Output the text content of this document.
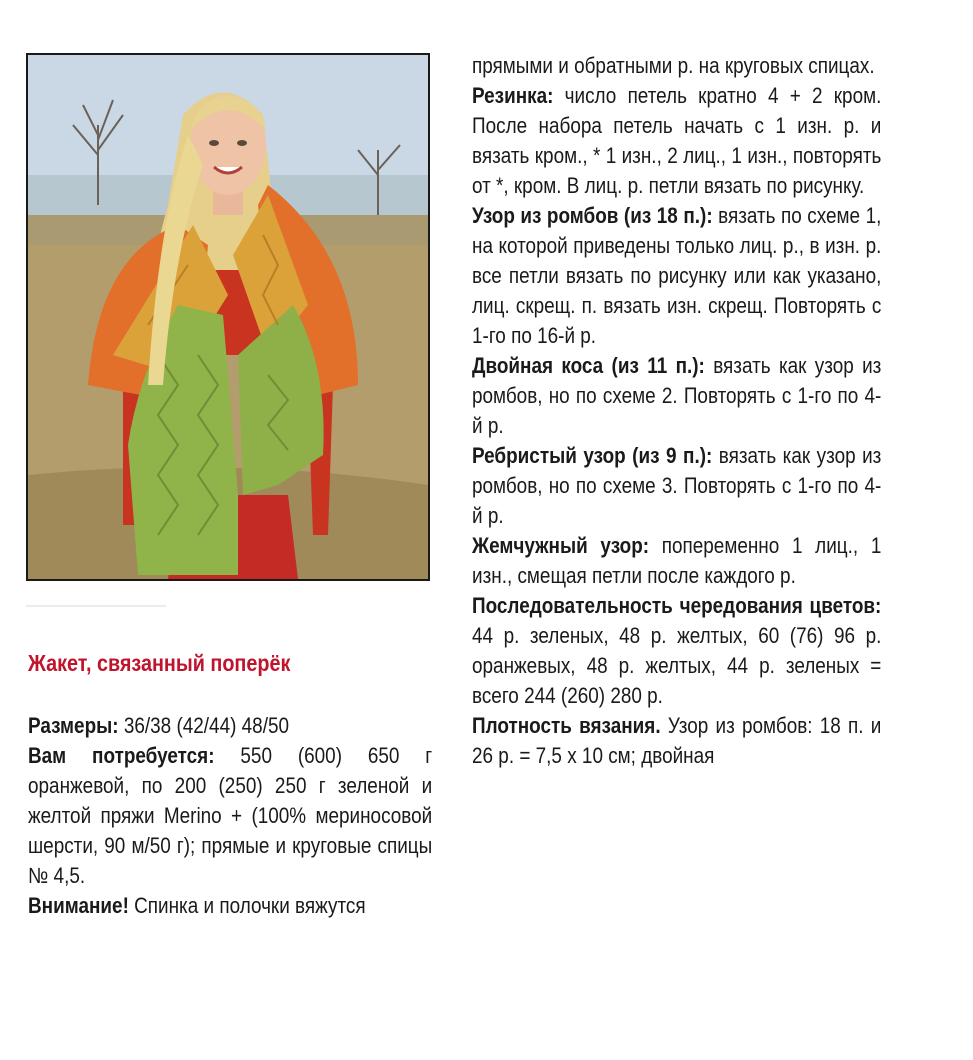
Жакет, связанный поперёк
Размеры: 36/38 (42/44) 48/50
Вам потребуется: 550 (600) 650 г оранжевой, по 200 (250) 250 г зеленой и желтой пряжи Merino + (100% мериносовой шерсти, 90 м/50 г); прямые и круговые спицы № 4,5.
Внимание! Спинка и полочки вяжутся
прямыми и обратными р. на круговых спицах.
Резинка: число петель кратно 4 + 2 кром. После набора петель начать с 1 изн. р. и вязать кром., * 1 изн., 2 лиц., 1 изн., повторять от *, кром. В лиц. р. петли вязать по рисунку.
Узор из ромбов (из 18 п.): вязать по схеме 1, на которой приведены только лиц. р., в изн. р. все петли вязать по рисунку или как указано, лиц. скрещ. п. вязать изн. скрещ. Повторять с 1-го по 16-й р.
Двойная коса (из 11 п.): вязать как узор из ромбов, но по схеме 2. Повторять с 1-го по 4-й р.
Ребристый узор (из 9 п.): вязать как узор из ромбов, но по схеме 3. Повторять с 1-го по 4-й р.
Жемчужный узор: попеременно 1 лиц., 1 изн., смещая петли после каждого р.
Последовательность чередования цветов: 44 р. зеленых, 48 р. желтых, 60 (76) 96 р. оранжевых, 48 р. желтых, 44 р. зеленых = всего 244 (260) 280 р.
Плотность вязания. Узор из ромбов: 18 п. и 26 р. = 7,5 х 10 см; двойная
